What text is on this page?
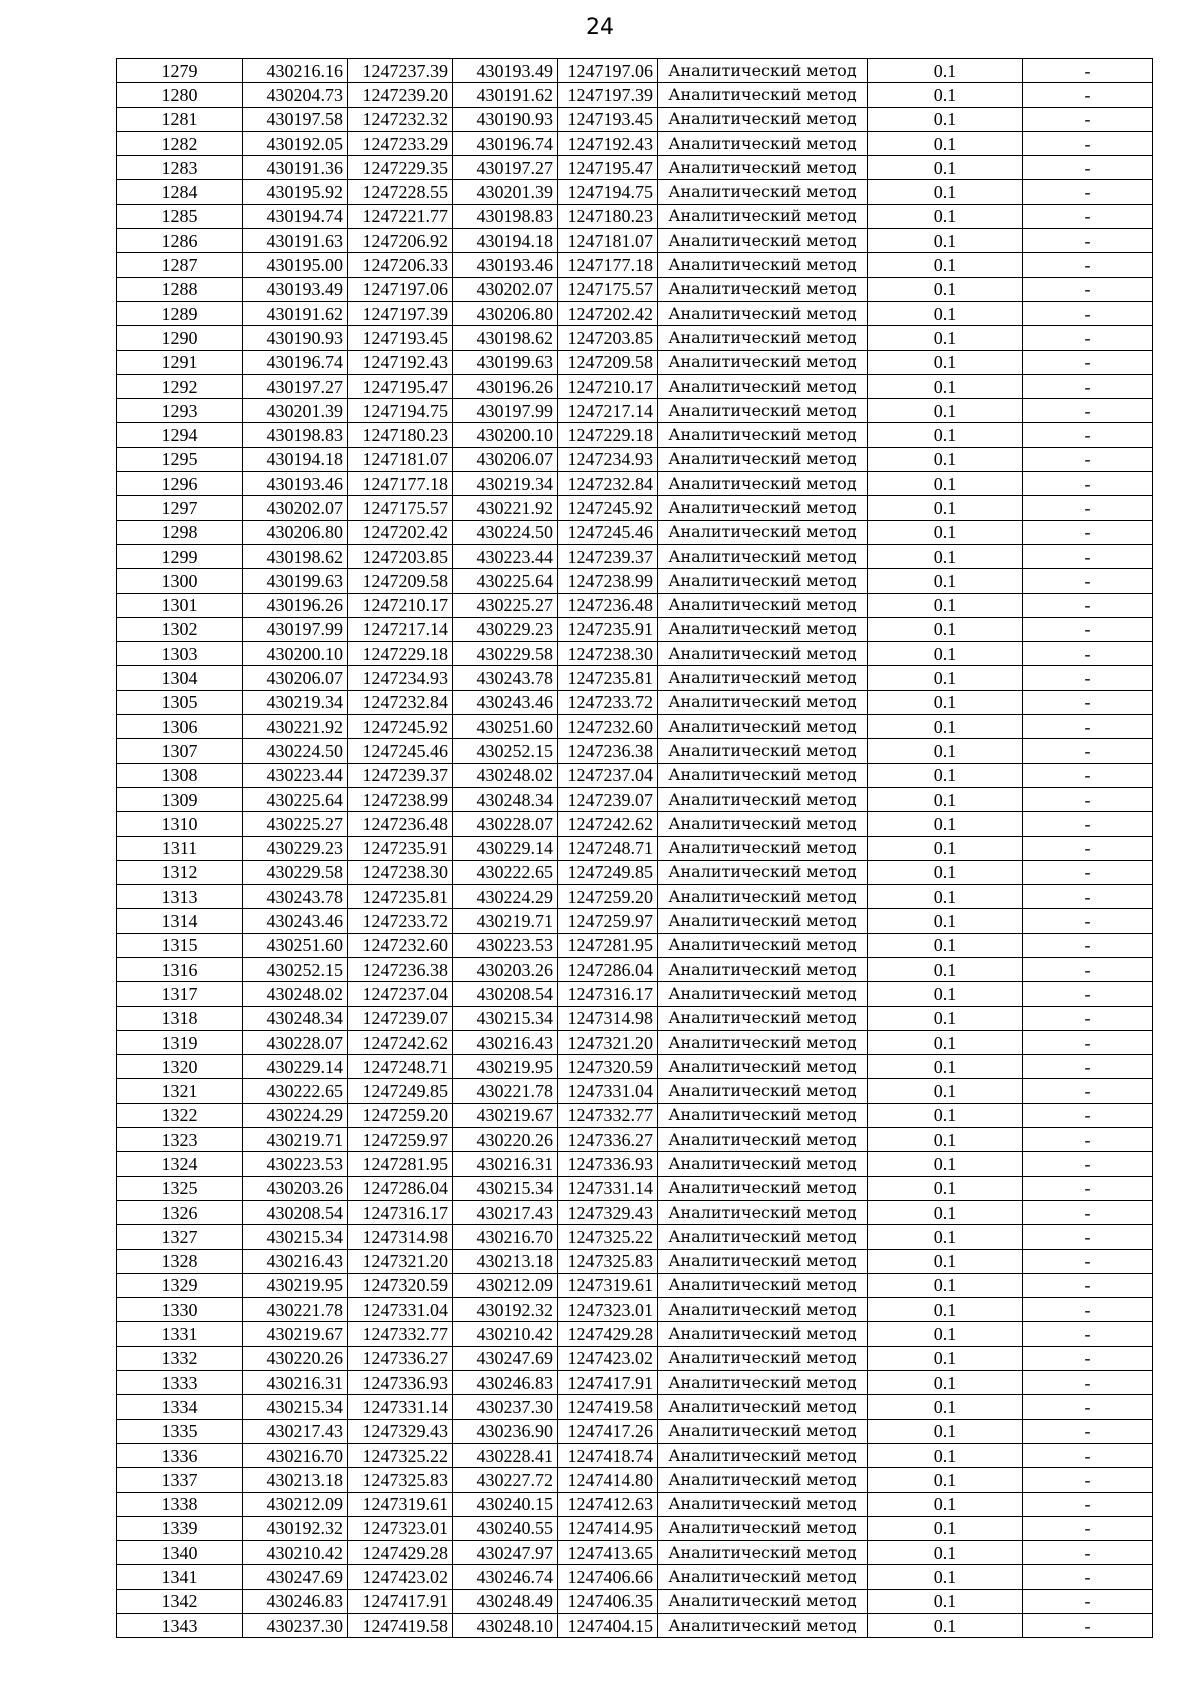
24
1279	430216.16	1247237.39	430193.49	1247197.06	Аналитический метод	0.1	-
1280	430204.73	1247239.20	430191.62	1247197.39	Аналитический метод	0.1	-
1281	430197.58	1247232.32	430190.93	1247193.45	Аналитический метод	0.1	-
1282	430192.05	1247233.29	430196.74	1247192.43	Аналитический метод	0.1	-
1283	430191.36	1247229.35	430197.27	1247195.47	Аналитический метод	0.1	-
1284	430195.92	1247228.55	430201.39	1247194.75	Аналитический метод	0.1	-
1285	430194.74	1247221.77	430198.83	1247180.23	Аналитический метод	0.1	-
1286	430191.63	1247206.92	430194.18	1247181.07	Аналитический метод	0.1	-
1287	430195.00	1247206.33	430193.46	1247177.18	Аналитический метод	0.1	-
1288	430193.49	1247197.06	430202.07	1247175.57	Аналитический метод	0.1	-
1289	430191.62	1247197.39	430206.80	1247202.42	Аналитический метод	0.1	-
1290	430190.93	1247193.45	430198.62	1247203.85	Аналитический метод	0.1	-
1291	430196.74	1247192.43	430199.63	1247209.58	Аналитический метод	0.1	-
1292	430197.27	1247195.47	430196.26	1247210.17	Аналитический метод	0.1	-
1293	430201.39	1247194.75	430197.99	1247217.14	Аналитический метод	0.1	-
1294	430198.83	1247180.23	430200.10	1247229.18	Аналитический метод	0.1	-
1295	430194.18	1247181.07	430206.07	1247234.93	Аналитический метод	0.1	-
1296	430193.46	1247177.18	430219.34	1247232.84	Аналитический метод	0.1	-
1297	430202.07	1247175.57	430221.92	1247245.92	Аналитический метод	0.1	-
1298	430206.80	1247202.42	430224.50	1247245.46	Аналитический метод	0.1	-
1299	430198.62	1247203.85	430223.44	1247239.37	Аналитический метод	0.1	-
1300	430199.63	1247209.58	430225.64	1247238.99	Аналитический метод	0.1	-
1301	430196.26	1247210.17	430225.27	1247236.48	Аналитический метод	0.1	-
1302	430197.99	1247217.14	430229.23	1247235.91	Аналитический метод	0.1	-
1303	430200.10	1247229.18	430229.58	1247238.30	Аналитический метод	0.1	-
1304	430206.07	1247234.93	430243.78	1247235.81	Аналитический метод	0.1	-
1305	430219.34	1247232.84	430243.46	1247233.72	Аналитический метод	0.1	-
1306	430221.92	1247245.92	430251.60	1247232.60	Аналитический метод	0.1	-
1307	430224.50	1247245.46	430252.15	1247236.38	Аналитический метод	0.1	-
1308	430223.44	1247239.37	430248.02	1247237.04	Аналитический метод	0.1	-
1309	430225.64	1247238.99	430248.34	1247239.07	Аналитический метод	0.1	-
1310	430225.27	1247236.48	430228.07	1247242.62	Аналитический метод	0.1	-
1311	430229.23	1247235.91	430229.14	1247248.71	Аналитический метод	0.1	-
1312	430229.58	1247238.30	430222.65	1247249.85	Аналитический метод	0.1	-
1313	430243.78	1247235.81	430224.29	1247259.20	Аналитический метод	0.1	-
1314	430243.46	1247233.72	430219.71	1247259.97	Аналитический метод	0.1	-
1315	430251.60	1247232.60	430223.53	1247281.95	Аналитический метод	0.1	-
1316	430252.15	1247236.38	430203.26	1247286.04	Аналитический метод	0.1	-
1317	430248.02	1247237.04	430208.54	1247316.17	Аналитический метод	0.1	-
1318	430248.34	1247239.07	430215.34	1247314.98	Аналитический метод	0.1	-
1319	430228.07	1247242.62	430216.43	1247321.20	Аналитический метод	0.1	-
1320	430229.14	1247248.71	430219.95	1247320.59	Аналитический метод	0.1	-
1321	430222.65	1247249.85	430221.78	1247331.04	Аналитический метод	0.1	-
1322	430224.29	1247259.20	430219.67	1247332.77	Аналитический метод	0.1	-
1323	430219.71	1247259.97	430220.26	1247336.27	Аналитический метод	0.1	-
1324	430223.53	1247281.95	430216.31	1247336.93	Аналитический метод	0.1	-
1325	430203.26	1247286.04	430215.34	1247331.14	Аналитический метод	0.1	-
1326	430208.54	1247316.17	430217.43	1247329.43	Аналитический метод	0.1	-
1327	430215.34	1247314.98	430216.70	1247325.22	Аналитический метод	0.1	-
1328	430216.43	1247321.20	430213.18	1247325.83	Аналитический метод	0.1	-
1329	430219.95	1247320.59	430212.09	1247319.61	Аналитический метод	0.1	-
1330	430221.78	1247331.04	430192.32	1247323.01	Аналитический метод	0.1	-
1331	430219.67	1247332.77	430210.42	1247429.28	Аналитический метод	0.1	-
1332	430220.26	1247336.27	430247.69	1247423.02	Аналитический метод	0.1	-
1333	430216.31	1247336.93	430246.83	1247417.91	Аналитический метод	0.1	-
1334	430215.34	1247331.14	430237.30	1247419.58	Аналитический метод	0.1	-
1335	430217.43	1247329.43	430236.90	1247417.26	Аналитический метод	0.1	-
1336	430216.70	1247325.22	430228.41	1247418.74	Аналитический метод	0.1	-
1337	430213.18	1247325.83	430227.72	1247414.80	Аналитический метод	0.1	-
1338	430212.09	1247319.61	430240.15	1247412.63	Аналитический метод	0.1	-
1339	430192.32	1247323.01	430240.55	1247414.95	Аналитический метод	0.1	-
1340	430210.42	1247429.28	430247.97	1247413.65	Аналитический метод	0.1	-
1341	430247.69	1247423.02	430246.74	1247406.66	Аналитический метод	0.1	-
1342	430246.83	1247417.91	430248.49	1247406.35	Аналитический метод	0.1	-
1343	430237.30	1247419.58	430248.10	1247404.15	Аналитический метод	0.1	-
